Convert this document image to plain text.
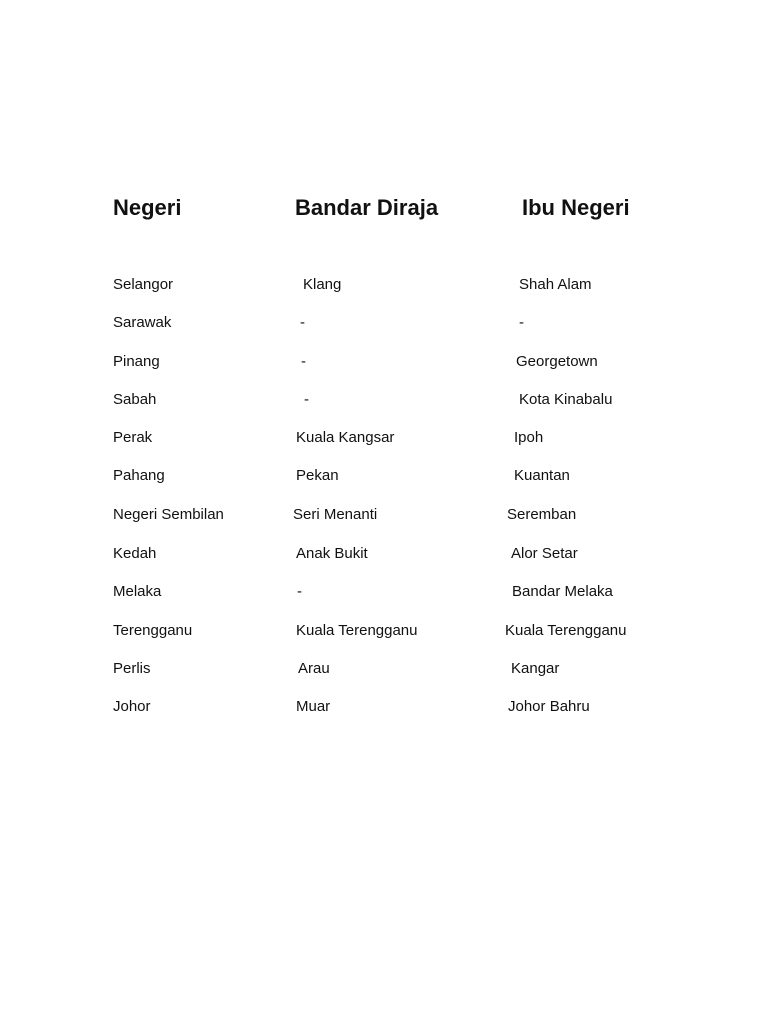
Negeri	Bandar Diraja	Ibu Negeri
Selangor	Klang	Shah Alam
Sarawak	-	-
Pinang	-	Georgetown
Sabah	-	Kota Kinabalu
Perak	Kuala Kangsar	Ipoh
Pahang	Pekan	Kuantan
Negeri Sembilan	Seri Menanti	Seremban
Kedah	Anak Bukit	Alor Setar
Melaka	-	Bandar Melaka
Terengganu	Kuala Terengganu	Kuala Terengganu
Perlis	Arau	Kangar
Johor	Muar	Johor Bahru
